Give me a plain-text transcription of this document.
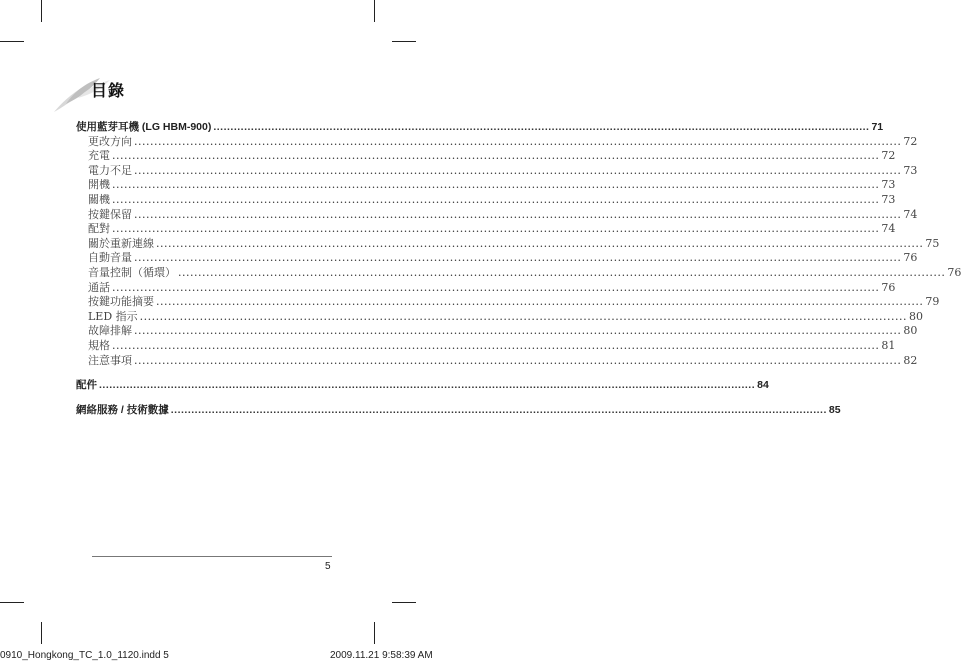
目錄
使用藍芽耳機 (LG HBM-900) .....	71
更改方向 .....	72
充電 .....	72
電力不足 .....	73
開機 .....	73
關機 .....	73
按鍵保留 .....	74
配對 .....	74
關於重新連線 .....	75
自動音量 .....	76
音量控制（循環） .....	76
通話 .....	76
按鍵功能摘要 .....	79
LED 指示 .....	80
故障排解 .....	80
規格 .....	81
注意事項 .....	82
配件 .....	84
網絡服務 / 技術數據 .....	85
5
0910_Hongkong_TC_1.0_1120.indd 5	2009.11.21 9:58:39 AM
